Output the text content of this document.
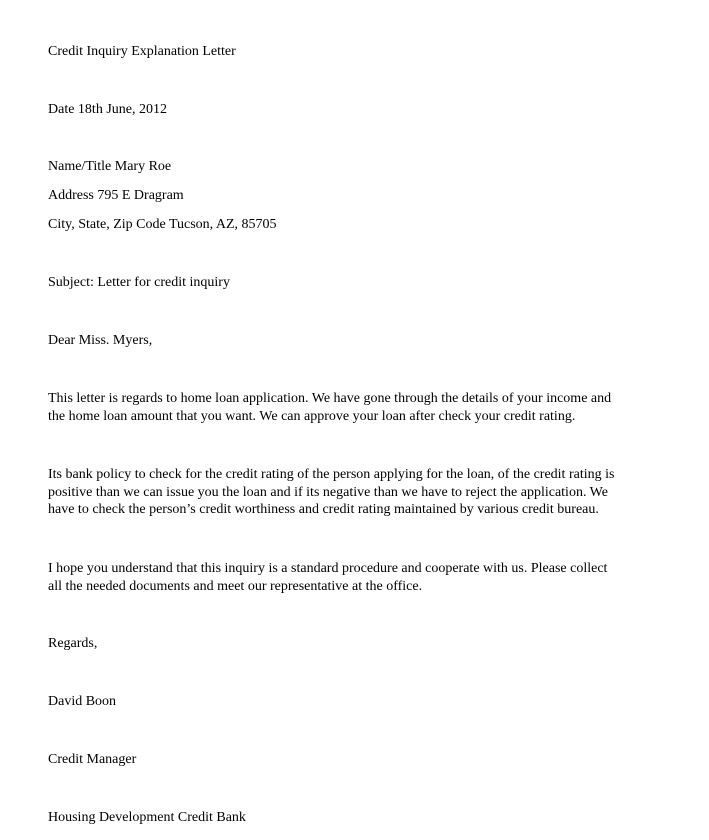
Credit Inquiry Explanation Letter
Date 18th June, 2012
Name/Title Mary Roe
Address 795 E Dragram
City, State, Zip Code Tucson, AZ, 85705
Subject: Letter for credit inquiry
Dear Miss. Myers,
This letter is regards to home loan application. We have gone through the details of your income and
the home loan amount that you want. We can approve your loan after check your credit rating.
Its bank policy to check for the credit rating of the person applying for the loan, of the credit rating is
positive than we can issue you the loan and if its negative than we have to reject the application. We
have to check the person’s credit worthiness and credit rating maintained by various credit bureau.
I hope you understand that this inquiry is a standard procedure and cooperate with us. Please collect
all the needed documents and meet our representative at the office.
Regards,
David Boon
Credit Manager
Housing Development Credit Bank
